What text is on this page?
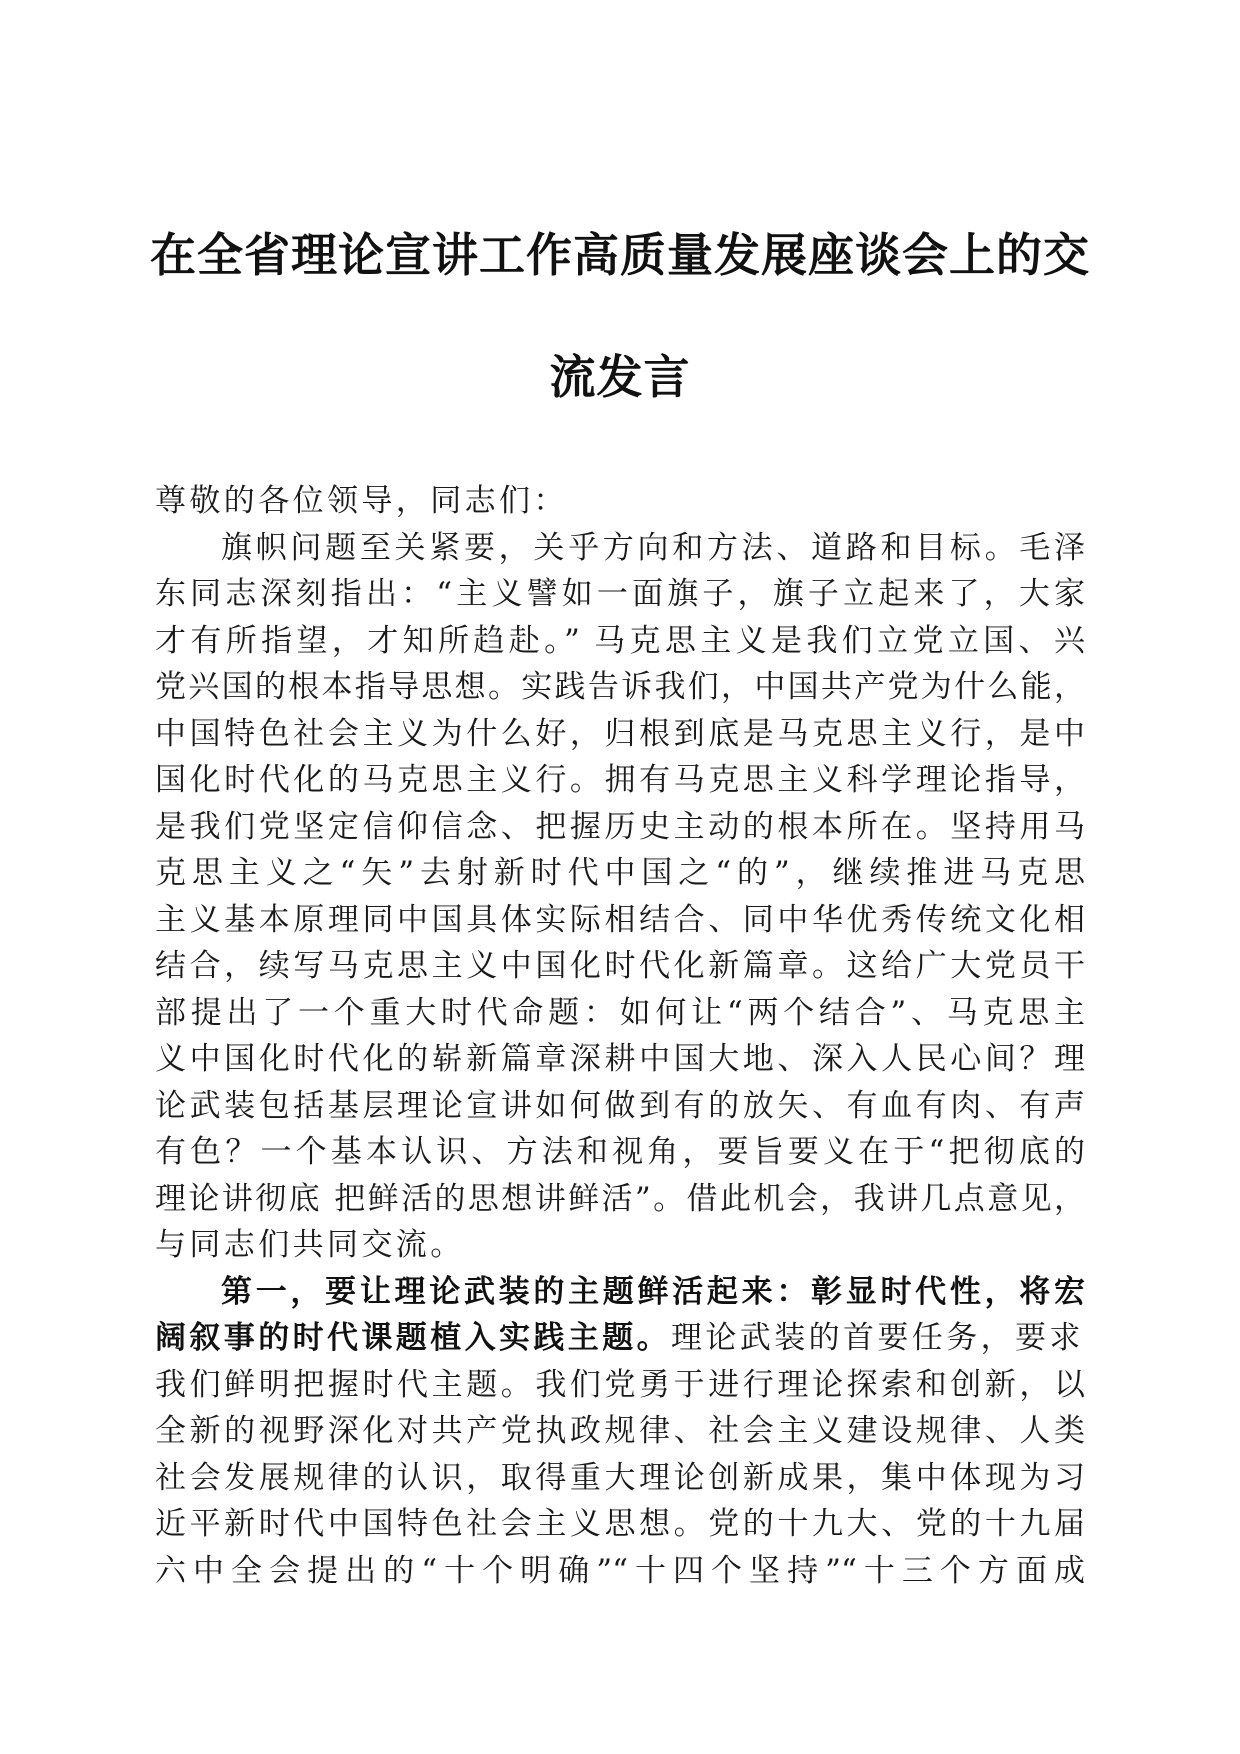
在全省理论宣讲工作高质量发展座谈会上的交
流发言
尊敬的各位领导，同志们：
旗帜问题至关紧要，关乎方向和方法、道路和目标。毛泽
东同志深刻指出：“主义譬如一面旗子，旗子立起来了，大家
才有所指望，才知所趋赴。” 马克思主义是我们立党立国、兴
党兴国的根本指导思想。实践告诉我们，中国共产党为什么能，
中国特色社会主义为什么好，归根到底是马克思主义行，是中
国化时代化的马克思主义行。拥有马克思主义科学理论指导，
是我们党坚定信仰信念、把握历史主动的根本所在。坚持用马
克思主义之“矢”去射新时代中国之“的”，继续推进马克思
主义基本原理同中国具体实际相结合、同中华优秀传统文化相
结合，续写马克思主义中国化时代化新篇章。这给广大党员干
部提出了一个重大时代命题：如何让“两个结合”、马克思主
义中国化时代化的崭新篇章深耕中国大地、深入人民心间？理
论武装包括基层理论宣讲如何做到有的放矢、有血有肉、有声
有色？一个基本认识、方法和视角，要旨要义在于“把彻底的
理论讲彻底 把鲜活的思想讲鲜活”。借此机会，我讲几点意见，
与同志们共同交流。
第一，要让理论武装的主题鲜活起来：彰显时代性，将宏
阔叙事的时代课题植入实践主题。理论武装的首要任务，要求
我们鲜明把握时代主题。我们党勇于进行理论探索和创新，以
全新的视野深化对共产党执政规律、社会主义建设规律、人类
社会发展规律的认识，取得重大理论创新成果，集中体现为习
近平新时代中国特色社会主义思想。党的十九大、党的十九届
六中全会提出的“十个明确”“十四个坚持”“十三个方面成
